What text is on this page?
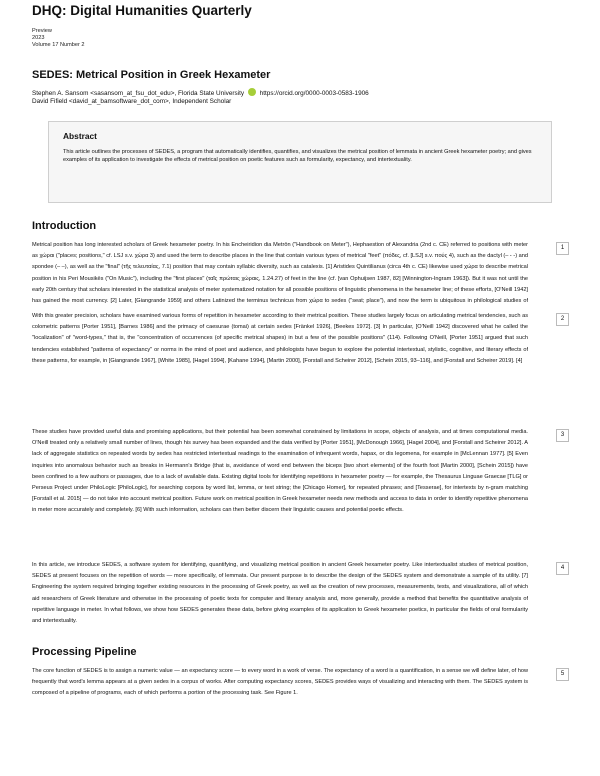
DHQ: Digital Humanities Quarterly
Preview
2023
Volume 17 Number 2
SEDES: Metrical Position in Greek Hexameter
Stephen A. Sansom <sasansom_at_fsu_dot_edu>, Florida State University https://orcid.org/0000-0003-0583-1906
David Fifield <david_at_bamsoftware_dot_com>, Independent Scholar
Abstract

This article outlines the processes of SEDES, a program that automatically identifies, quantifies, and visualizes the metrical position of lemmata in ancient Greek hexameter poetry; and gives examples of its application to investigate the effects of metrical position on poetic features such as formularity, expectancy, and intertextuality.

Introduction

Metrical position has long interested scholars of Greek hexameter poetry. In his Encheiridion dia Metrōn ("Handbook on Meter"), Hephaestion of Alexandria (2nd c. CE) referred to positions with meter as χώραι ("places; positions," cf. LSJ s.v. χώρα 3) and used the term to describe places in the line that contain various types of metrical "feet" (πόδες, cf. [LSJ] s.v. πούς 4), such as the dactyl (– ⏑ ⏑) and spondee (– –), as well as the "final" (τῆς τελευταίας, 7.1) position that may contain syllabic diversity, such as catalexis. [1] Aristides Quintilianus (circa 4th c. CE) likewise used χώρα to describe metrical position in his Peri Mousikēs ("On Music"), including the "first places" (ταῖς πρώταις χώραις, 1.24.27) of feet in the line (cf. [van Ophuijsen 1987, 82] [Winnington-Ingram 1963]). But it was not until the early 20th century that scholars interested in the statistical analysis of meter systematized notation for all possible positions of linguistic phenomena in the hexameter line; of these efforts, [O'Neill 1942] has gained the most currency. [2] Later, [Giangrande 1959] and others Latinized the terminus technicus from χώρα to sedes ("seat; place"), and now the term is ubiquitous in philological studies of

1

With this greater precision, scholars have examined various forms of repetition in hexameter according to their metrical position. These studies largely focus on articulating metrical tendencies, such as colometric patterns [Porter 1951], [Barnes 1986] and the primacy of caesurae (tomai) at certain sedes [Fränkel 1926], [Beekes 1972]. [3] In particular, [O'Neill 1942] discovered what he called the "localization" of "word-types," that is, the "concentration of occurrences (of specific metrical shapes) in but a few of the possible positions" (114). Following O'Neill, [Porter 1951] argued that such tendencies established "patterns of expectancy" or norms in the mind of poet and audience, and philologists have begun to explore the potential intertextual, stylistic, cognitive, and literary effects of these patterns, for example, in [Giangrande 1967], [White 1985], [Hagel 1994], [Kahane 1994], [Martin 2000], [Forstall and Scheirer 2012], [Schein 2015, 93–116], and [Forstall and Scheirer 2019]. [4]

2

These studies have provided useful data and promising applications, but their potential has been somewhat constrained by limitations in scope, objects of analysis, and at times computational media. O'Neill treated only a relatively small number of lines, though his survey has been expanded and the data verified by [Porter 1951], [McDonough 1966], [Hagel 2004], and [Forstall and Scheirer 2012]. A lack of aggregate statistics on repeated words by sedes has restricted intertextual readings to the examination of infrequent words, hapax, or dis legomena, for example in [McLennan 1977]. [5] Even inquiries into anomalous behavior such as breaks in Hermann's Bridge (that is, avoidance of word end between the biceps [two short elements] of the fourth foot [Martin 2000], [Schein 2015]) have been confined to a few authors or passages, due to a lack of available data. Existing digital tools for identifying repetitions in hexameter poetry — for example, the Thesaurus Linguae Graecae [TLG] or Perseus Project under PhiloLogic [PhiloLogic], for searching corpora by word list, lemma, or text string; the [Chicago Homer], for repeated phrases; and [Tesserae], for intertexts by n-gram matching [Forstall et al. 2015] — do not take into account metrical position. Future work on metrical position in Greek hexameter needs new methods and access to data in order to identify repetitive phenomena in meter more accurately and completely. [6] With such information, scholars can then better discern their linguistic causes and potential poetic effects.

3

In this article, we introduce SEDES, a software system for identifying, quantifying, and visualizing metrical position in ancient Greek hexameter poetry. Like intertextualist studies of metrical position, SEDES at present focuses on the repetition of words — more specifically, of lemmata. Our present purpose is to describe the design of the SEDES system and demonstrate a sample of its utility. [7] Engineering the system required bringing together existing resources in the processing of Greek poetry, as well as the creation of new processes, measurements, tests, and visualizations, all of which aid researchers of Greek literature and otherwise in the processing of poetic texts for computer and literary analysis and, more generally, provide a method that benefits the quantitative analysis of repetitive language in meter. In what follows, we show how SEDES generates these data, before giving examples of its application to Greek hexameter poetics, in particular the fields of oral formularity and intertextuality.

4
Processing Pipeline

The core function of SEDES is to assign a numeric value — an expectancy score — to every word in a work of verse. The expectancy of a word is a quantification, in a sense we will define later, of how frequently that word's lemma appears at a given sedes in a corpus of works. After computing expectancy scores, SEDES provides ways of visualizing and interacting with them. The SEDES system is composed of a pipeline of programs, each of which performs a portion of the processing task. See Figure 1.

5
